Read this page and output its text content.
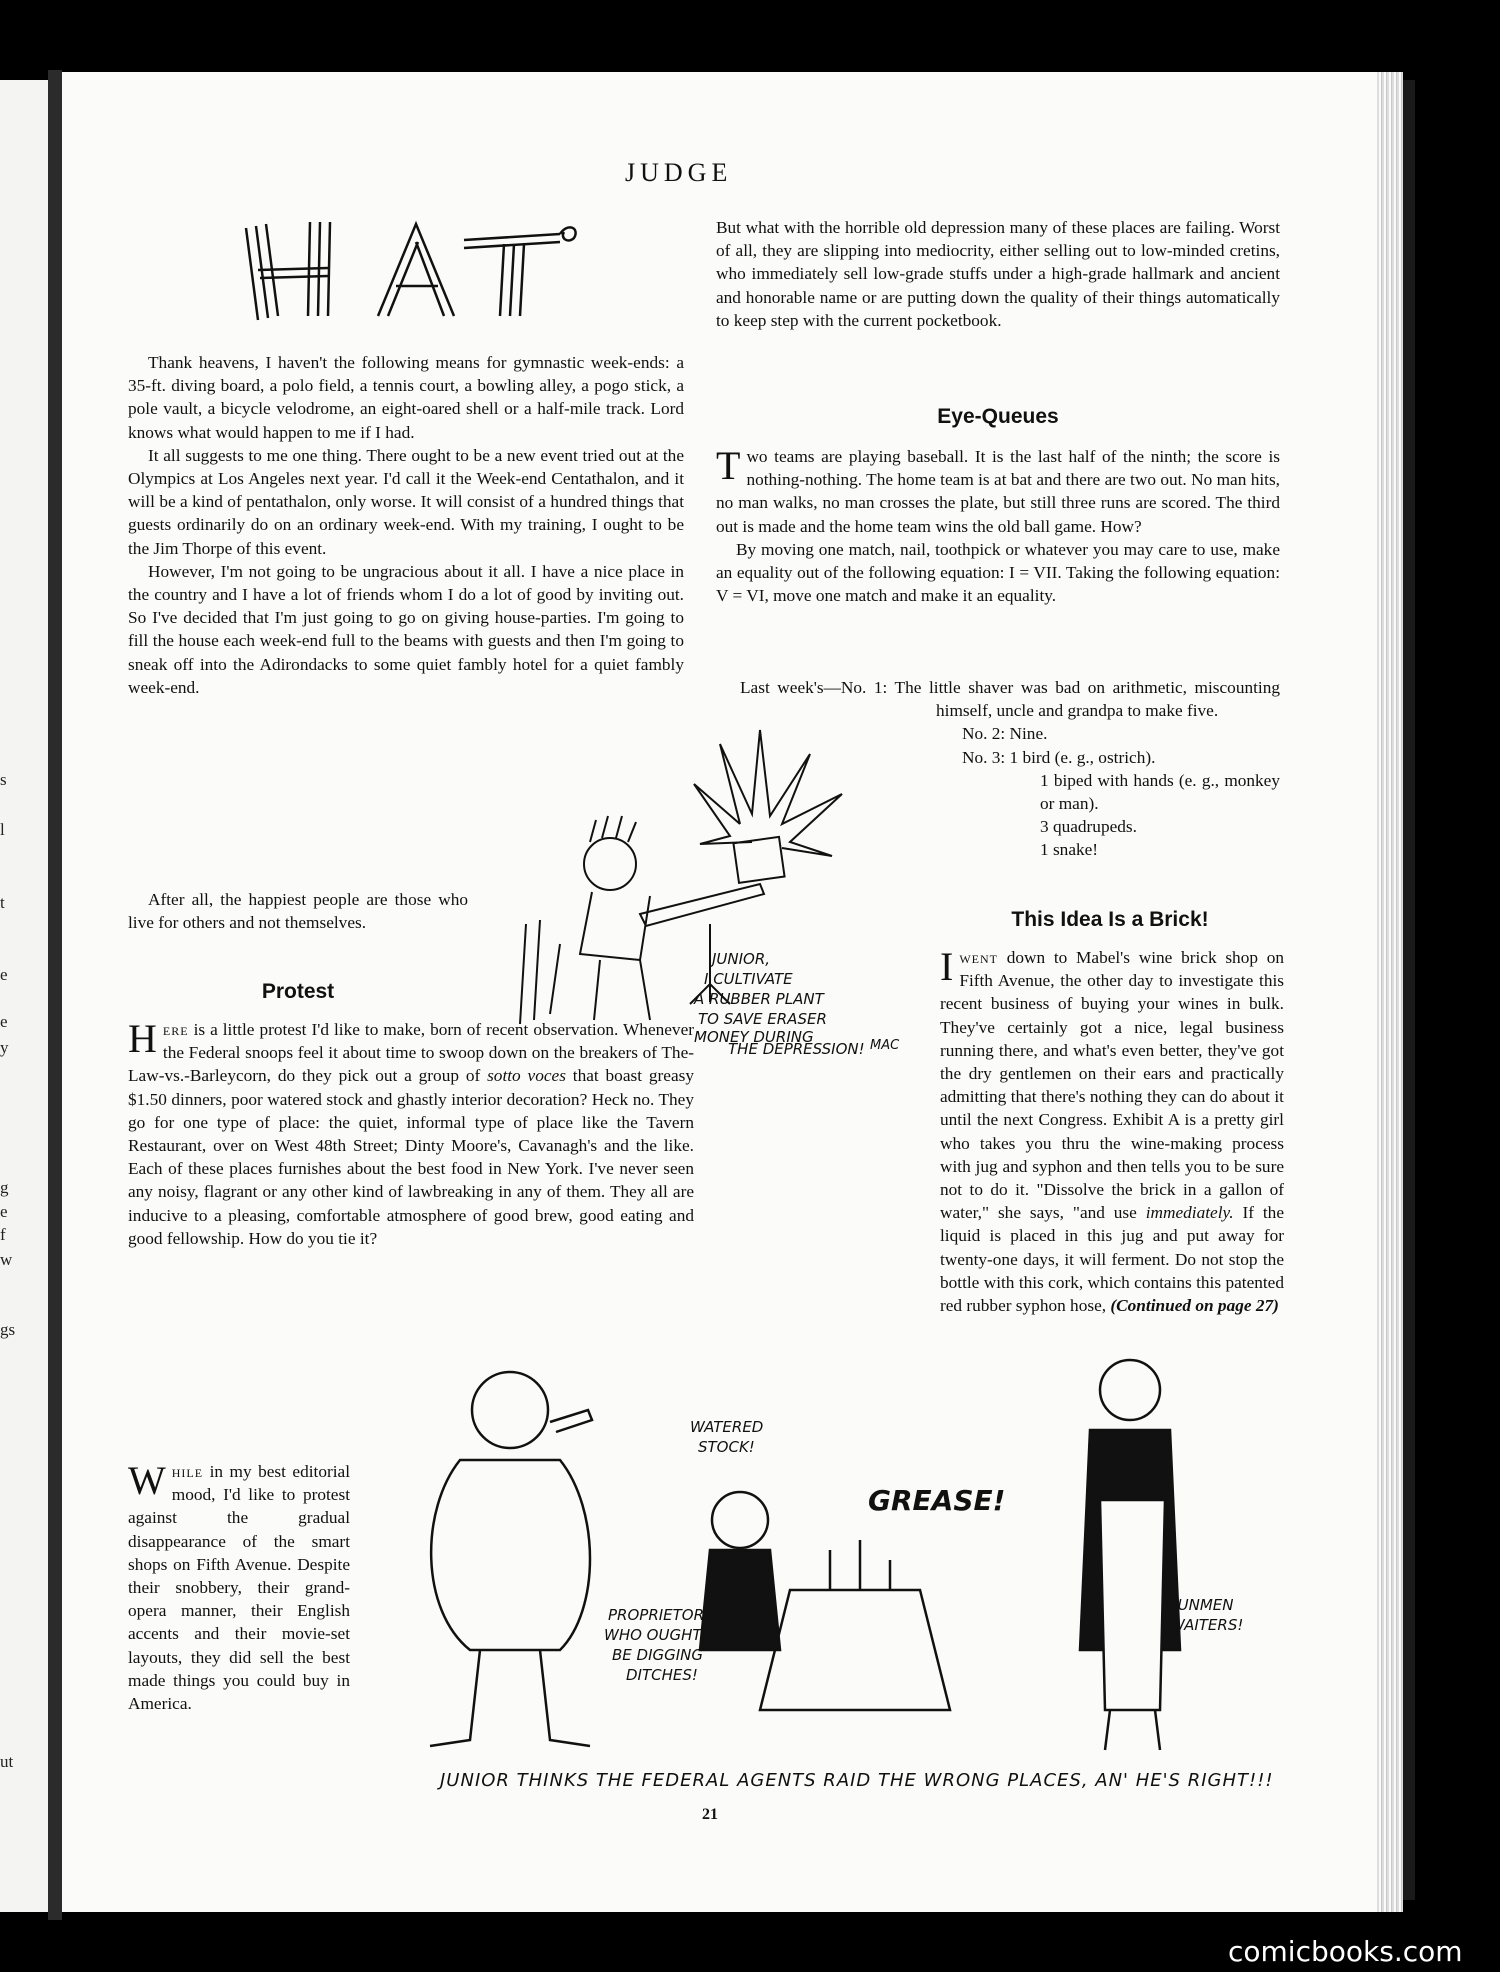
s
l
t
e
e
y
g
e
f
w
gs
ut
JUDGE
HAT

Thank heavens, I haven't the following means for gymnastic week-ends: a 35-ft. diving board, a polo field, a tennis court, a bowling alley, a pogo stick, a pole vault, a bicycle velodrome, an eight-oared shell or a half-mile track. Lord knows what would happen to me if I had.

It all suggests to me one thing. There ought to be a new event tried out at the Olympics at Los Angeles next year. I'd call it the Week-end Centathalon, and it will be a kind of pentathalon, only worse. It will consist of a hundred things that guests ordinarily do on an ordinary week-end. With my training, I ought to be the Jim Thorpe of this event.

However, I'm not going to be ungracious about it all. I have a nice place in the country and I have a lot of friends whom I do a lot of good by inviting out. So I've decided that I'm just going to go on giving house-parties. I'm going to fill the house each week-end full to the beams with guests and then I'm going to sneak off into the Adirondacks to some quiet fambly hotel for a quiet fambly week-end.

After all, the happiest people are those who live for others and not themselves.

Protest

Here is a little protest I'd like to make, born of recent observation. Whenever the Federal snoops feel it about time to swoop down on the breakers of The-Law-vs.-Barleycorn, do they pick out a group of sotto voces that boast greasy $1.50 dinners, poor watered stock and ghastly interior decoration? Heck no. They go for one type of place: the quiet, informal type of place like the Tavern Restaurant, over on West 48th Street; Dinty Moore's, Cavanagh's and the like. Each of these places furnishes about the best food in New York. I've never seen any noisy, flagrant or any other kind of lawbreaking in any of them. They all are inducive to a pleasing, comfortable atmosphere of good brew, good eating and good fellowship. How do you tie it?

While in my best editorial mood, I'd like to protest against the gradual disappearance of the smart shops on Fifth Avenue. Despite their snobbery, their grand-opera manner, their English accents and their movie-set layouts, they did sell the best made things you could buy in America.

But what with the horrible old depression many of these places are failing. Worst of all, they are slipping into mediocrity, either selling out to low-minded cretins, who immediately sell low-grade stuffs under a high-grade hallmark and ancient and honorable name or are putting down the quality of their things automatically to keep step with the current pocketbook.

Eye-Queues

Two teams are playing baseball. It is the last half of the ninth; the score is nothing-nothing. The home team is at bat and there are two out. No man hits, no man walks, no man crosses the plate, but still three runs are scored. The third out is made and the home team wins the old ball game. How?

By moving one match, nail, toothpick or whatever you may care to use, make an equality out of the following equation: I = VII. Taking the following equation: V = VI, move one match and make it an equality.

Last week's—No. 1: The little shaver was bad on arithmetic, miscounting himself, uncle and grandpa to make five.

No. 2: Nine.

No. 3: 1 bird (e. g., ostrich).

1 biped with hands (e. g., monkey or man).

3 quadrupeds.

1 snake!

This Idea Is a Brick!

Iwent down to Mabel's wine brick shop on Fifth Avenue, the other day to investigate this recent business of buying your wines in bulk. They've certainly got a nice, legal business running there, and what's even better, they've got the dry gentlemen on their ears and practically admitting that there's nothing they can do about it until the next Congress. Exhibit A is a pretty girl who takes you thru the wine-making process with jug and syphon and then tells you to be sure not to do it. "Dissolve the brick in a gallon of water," she says, "and use immediately. If the liquid is placed in this jug and put away for twenty-one days, it will ferment. Do not stop the bottle with this cork, which contains this patented red rubber syphon hose, (Continued on page 27)

JUNIOR,
I CULTIVATE
A RUBBER PLANT
TO SAVE ERASER
MONEY DURING
THE DEPRESSION! MAC
WATERED
STOCK!
GREASE!
PROPRIETORS
WHO OUGHT TO
BE DIGGING
DITCHES!
GUNMEN
WAITERS!
JUNIOR THINKS THE FEDERAL AGENTS RAID THE WRONG PLACES, AN' HE'S RIGHT!!!
21
comicbooks.com
